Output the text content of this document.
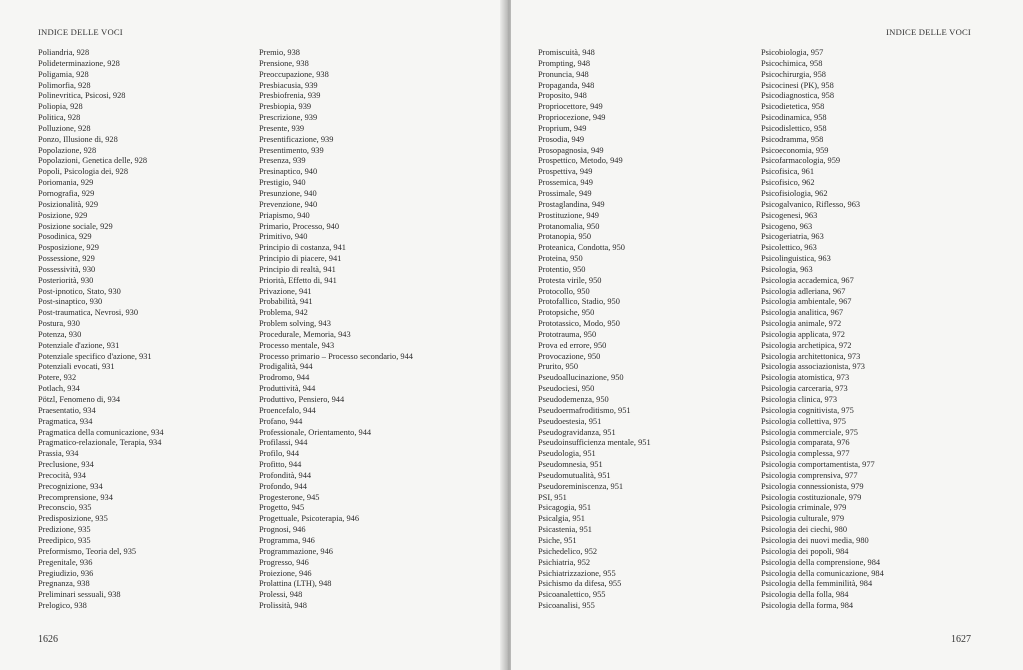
INDICE DELLE VOCI
Poliandria, 928
Polideterminazione, 928
Poligamia, 928
Polimorfia, 928
Polinevritica, Psicosi, 928
Poliopia, 928
Politica, 928
Polluzione, 928
Ponzo, Illusione di, 928
Popolazione, 928
Popolazioni, Genetica delle, 928
Popoli, Psicologia dei, 928
Poriomania, 929
Pornografia, 929
Posizionalità, 929
Posizione, 929
Posizione sociale, 929
Posodinica, 929
Posposizione, 929
Possessione, 929
Possessività, 930
Posteriorità, 930
Post-ipnotico, Stato, 930
Post-sinaptico, 930
Post-traumatica, Nevrosi, 930
Postura, 930
Potenza, 930
Potenziale d'azione, 931
Potenziale specifico d'azione, 931
Potenziali evocati, 931
Potere, 932
Potlach, 934
Pötzl, Fenomeno di, 934
Praesentatio, 934
Pragmatica, 934
Pragmatica della comunicazione, 934
Pragmatico-relazionale, Terapia, 934
Prassia, 934
Preclusione, 934
Precocità, 934
Precognizione, 934
Precomprensione, 934
Preconscio, 935
Predisposizione, 935
Predizione, 935
Preedipico, 935
Preformismo, Teoria del, 935
Pregenitale, 936
Pregiudizio, 936
Pregnanza, 938
Preliminari sessuali, 938
Prelogico, 938
Premio, 938
Prensione, 938
Preoccupazione, 938
Presbiacusia, 939
Presbiofrenia, 939
Presbiopia, 939
Prescrizione, 939
Presente, 939
Presentificazione, 939
Presentimento, 939
Presenza, 939
Presinaptico, 940
Prestigio, 940
Presunzione, 940
Prevenzione, 940
Priapismo, 940
Primario, Processo, 940
Primitivo, 940
Principio di costanza, 941
Principio di piacere, 941
Principio di realtà, 941
Priorità, Effetto di, 941
Privazione, 941
Probabilità, 941
Problema, 942
Problem solving, 943
Procedurale, Memoria, 943
Processo mentale, 943
Processo primario – Processo secondario, 944
Prodigalità, 944
Prodromo, 944
Produttività, 944
Produttivo, Pensiero, 944
Proencefalo, 944
Profano, 944
Professionale, Orientamento, 944
Profilassi, 944
Profilo, 944
Profitto, 944
Profondità, 944
Profondo, 944
Progesterone, 945
Progetto, 945
Progettuale, Psicoterapia, 946
Prognosi, 946
Programma, 946
Programmazione, 946
Progresso, 946
Proiezione, 946
Prolattina (LTH), 948
Prolessi, 948
Prolissità, 948
1626
INDICE DELLE VOCI
Promiscuità, 948
Prompting, 948
Pronuncia, 948
Propaganda, 948
Proposito, 948
Propriocettore, 949
Propriocezione, 949
Proprium, 949
Prosodia, 949
Prosopagnosia, 949
Prospettico, Metodo, 949
Prospettiva, 949
Prossemica, 949
Prossimale, 949
Prostaglandina, 949
Prostituzione, 949
Protanomalia, 950
Protanopia, 950
Proteanica, Condotta, 950
Proteina, 950
Protentio, 950
Protesta virile, 950
Protocollo, 950
Protofallico, Stadio, 950
Protopsiche, 950
Prototassico, Modo, 950
Prototrauma, 950
Prova ed errore, 950
Provocazione, 950
Prurito, 950
Pseudoallucinazione, 950
Pseudociesi, 950
Pseudodemenza, 950
Pseudoermafroditismo, 951
Pseudoestesia, 951
Pseudogravidanza, 951
Pseudoinsufficienza mentale, 951
Pseudologia, 951
Pseudomnesia, 951
Pseudomutualità, 951
Pseudoreminiscenza, 951
PSI, 951
Psicagogia, 951
Psicalgia, 951
Psicastenia, 951
Psiche, 951
Psichedelico, 952
Psichiatria, 952
Psichiatrizzazione, 955
Psichismo da difesa, 955
Psicoanalettico, 955
Psicoanalisi, 955
Psicobiologia, 957
Psicochimica, 958
Psicochirurgia, 958
Psicocinesi (PK), 958
Psicodiagnostica, 958
Psicodietetica, 958
Psicodinamica, 958
Psicodislettico, 958
Psicodramma, 958
Psicoeconomia, 959
Psicofarmacologia, 959
Psicofisica, 961
Psicofisico, 962
Psicofisiologia, 962
Psicogalvanico, Riflesso, 963
Psicogenesi, 963
Psicogeno, 963
Psicogeriatria, 963
Psicolettico, 963
Psicolinguistica, 963
Psicologia, 963
Psicologia accademica, 967
Psicologia adleriana, 967
Psicologia ambientale, 967
Psicologia analitica, 967
Psicologia animale, 972
Psicologia applicata, 972
Psicologia archetipica, 972
Psicologia architettonica, 973
Psicologia associazionista, 973
Psicologia atomistica, 973
Psicologia carceraria, 973
Psicologia clinica, 973
Psicologia cognitivista, 975
Psicologia collettiva, 975
Psicologia commerciale, 975
Psicologia comparata, 976
Psicologia complessa, 977
Psicologia comportamentista, 977
Psicologia comprensiva, 977
Psicologia connessionista, 979
Psicologia costituzionale, 979
Psicologia criminale, 979
Psicologia culturale, 979
Psicologia dei ciechi, 980
Psicologia dei nuovi media, 980
Psicologia dei popoli, 984
Psicologia della comprensione, 984
Psicologia della comunicazione, 984
Psicologia della femminilità, 984
Psicologia della folla, 984
Psicologia della forma, 984
1627
